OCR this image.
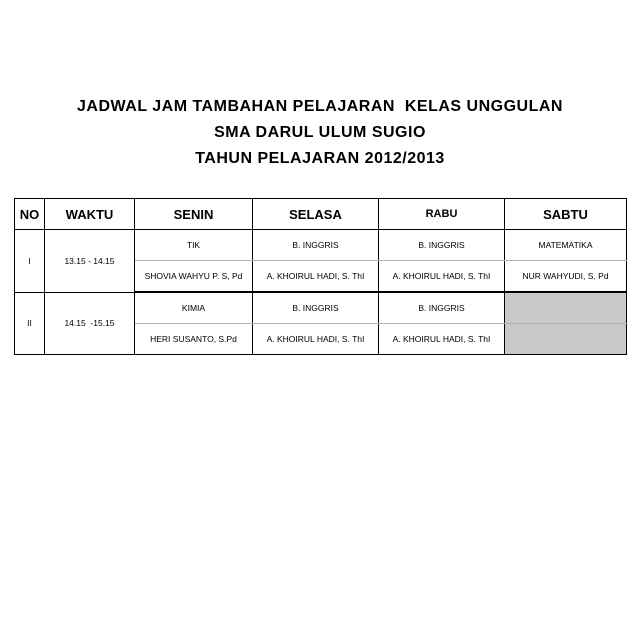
JADWAL JAM TAMBAHAN PELAJARAN  KELAS UNGGULAN
SMA DARUL ULUM SUGIO
TAHUN PELAJARAN 2012/2013
NO	WAKTU	SENIN	SELASA	RABU	SABTU
I	13.15 - 14.15	TIK	B. INGGRIS	B. INGGRIS	MATEMATIKA
		SHOVIA WAHYU P. S, Pd	A. KHOIRUL HADI, S. ThI	A. KHOIRUL HADI, S. ThI	NUR WAHYUDI, S. Pd
II	14.15  -15.15	KIMIA	B. INGGRIS	B. INGGRIS	
		HERI SUSANTO, S.Pd	A. KHOIRUL HADI, S. ThI	A. KHOIRUL HADI, S. ThI	
